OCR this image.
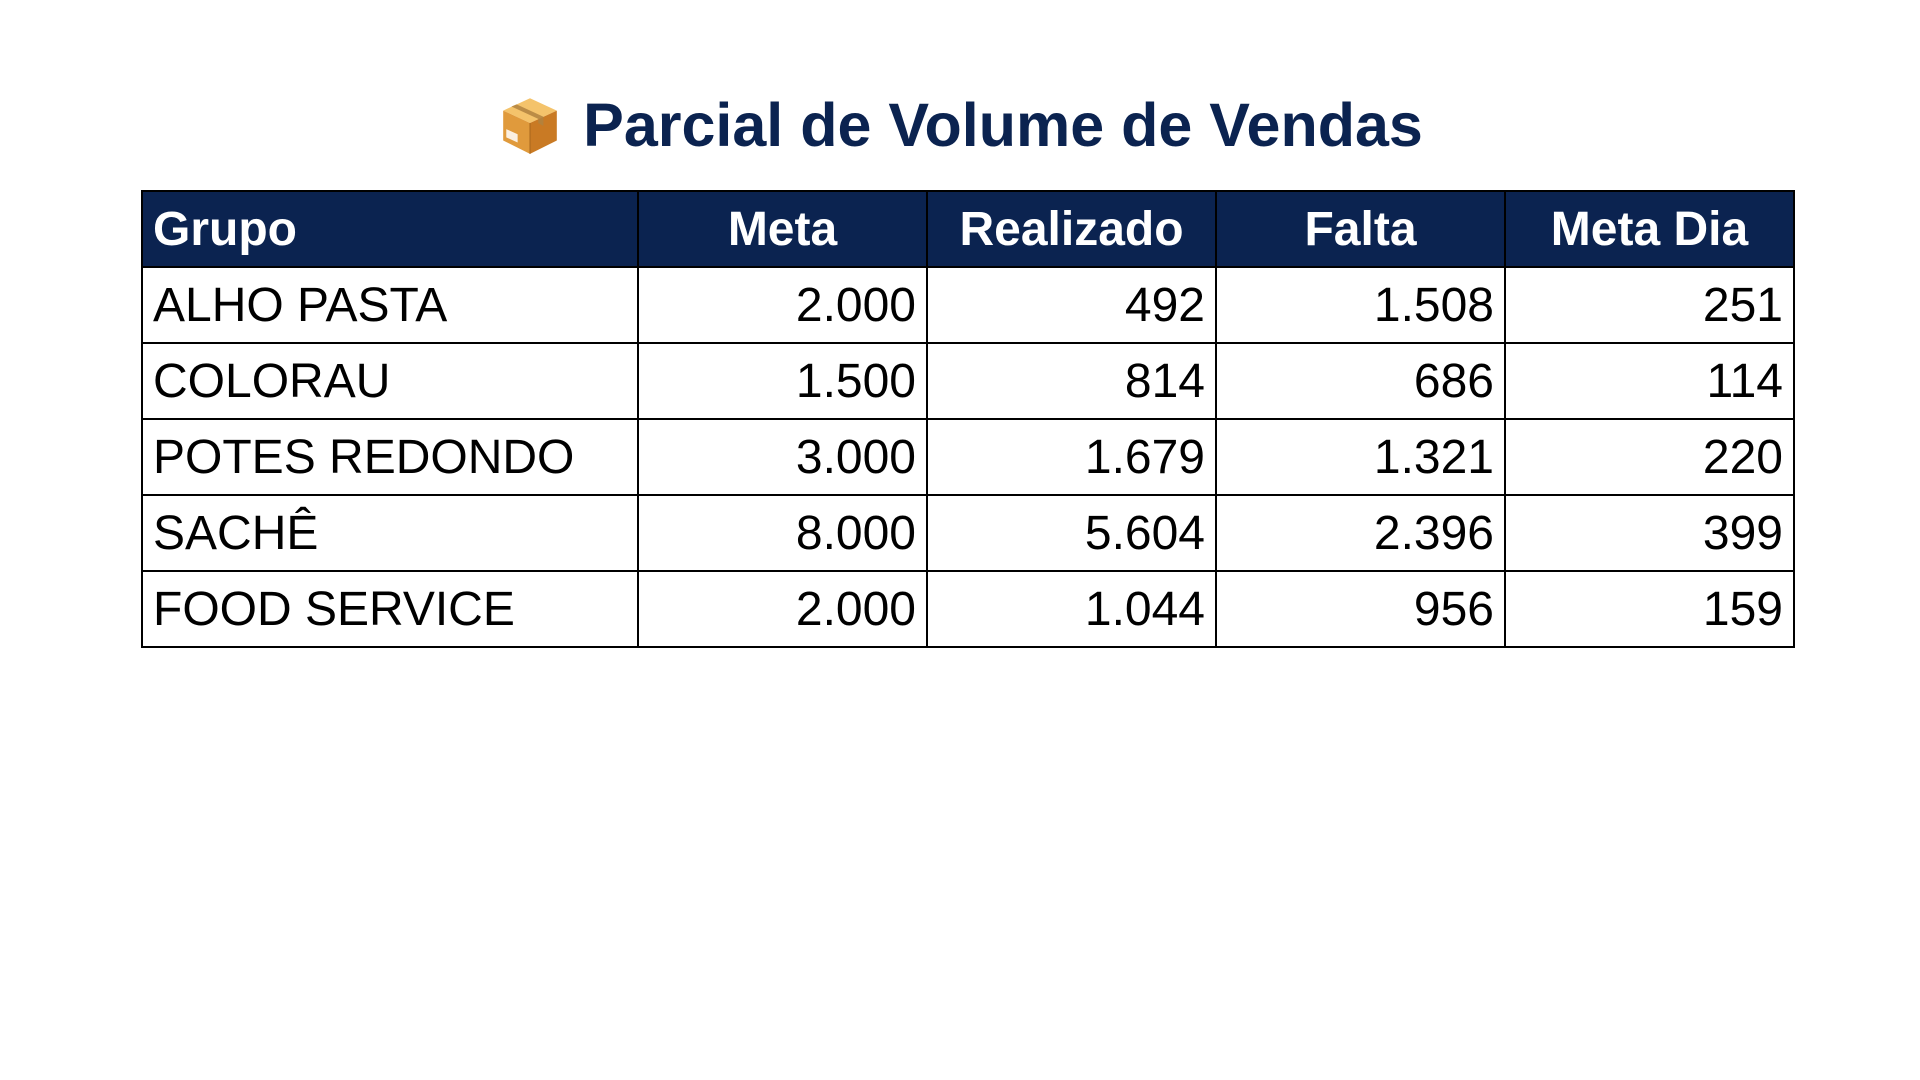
Parcial de Volume de Vendas
Grupo	Meta	Realizado	Falta	Meta Dia
ALHO PASTA	2.000	492	1.508	251
COLORAU	1.500	814	686	114
POTES REDONDO	3.000	1.679	1.321	220
SACHÊ	8.000	5.604	2.396	399
FOOD SERVICE	2.000	1.044	956	159
